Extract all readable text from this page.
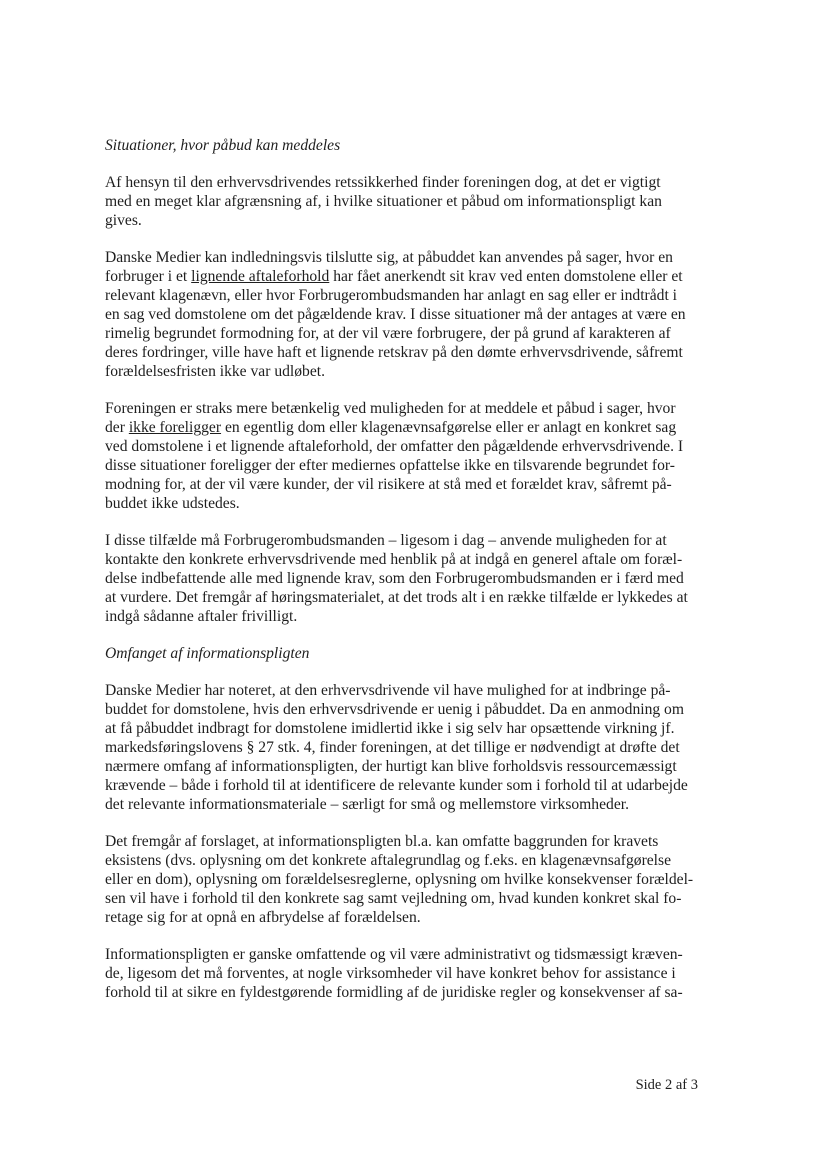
Situationer, hvor påbud kan meddeles
Af hensyn til den erhvervsdrivendes retssikkerhed finder foreningen dog, at det er vigtigt
med en meget klar afgrænsning af, i hvilke situationer et påbud om informationspligt kan
gives.
Danske Medier kan indledningsvis tilslutte sig, at påbuddet kan anvendes på sager, hvor en
forbruger i et lignende aftaleforhold har fået anerkendt sit krav ved enten domstolene eller et
relevant klagenævn, eller hvor Forbrugerombudsmanden har anlagt en sag eller er indtrådt i
en sag ved domstolene om det pågældende krav. I disse situationer må der antages at være en
rimelig begrundet formodning for, at der vil være forbrugere, der på grund af karakteren af
deres fordringer, ville have haft et lignende retskrav på den dømte erhvervsdrivende, såfremt
forældelsesfristen ikke var udløbet.
Foreningen er straks mere betænkelig ved muligheden for at meddele et påbud i sager, hvor
der ikke foreligger en egentlig dom eller klagenævnsafgørelse eller er anlagt en konkret sag
ved domstolene i et lignende aftaleforhold, der omfatter den pågældende erhvervsdrivende. I
disse situationer foreligger der efter mediernes opfattelse ikke en tilsvarende begrundet for-
modning for, at der vil være kunder, der vil risikere at stå med et forældet krav, såfremt på-
buddet ikke udstedes.
I disse tilfælde må Forbrugerombudsmanden – ligesom i dag – anvende muligheden for at
kontakte den konkrete erhvervsdrivende med henblik på at indgå en generel aftale om foræl-
delse indbefattende alle med lignende krav, som den Forbrugerombudsmanden er i færd med
at vurdere. Det fremgår af høringsmaterialet, at det trods alt i en række tilfælde er lykkedes at
indgå sådanne aftaler frivilligt.
Omfanget af informationspligten
Danske Medier har noteret, at den erhvervsdrivende vil have mulighed for at indbringe på-
buddet for domstolene, hvis den erhvervsdrivende er uenig i påbuddet. Da en anmodning om
at få påbuddet indbragt for domstolene imidlertid ikke i sig selv har opsættende virkning jf.
markedsføringslovens § 27 stk. 4, finder foreningen, at det tillige er nødvendigt at drøfte det
nærmere omfang af informationspligten, der hurtigt kan blive forholdsvis ressourcemæssigt
krævende – både i forhold til at identificere de relevante kunder som i forhold til at udarbejde
det relevante informationsmateriale – særligt for små og mellemstore virksomheder.
Det fremgår af forslaget, at informationspligten bl.a. kan omfatte baggrunden for kravets
eksistens (dvs. oplysning om det konkrete aftalegrundlag og f.eks. en klagenævnsafgørelse
eller en dom), oplysning om forældelsesreglerne, oplysning om hvilke konsekvenser forældel-
sen vil have i forhold til den konkrete sag samt vejledning om, hvad kunden konkret skal fo-
retage sig for at opnå en afbrydelse af forældelsen.
Informationspligten er ganske omfattende og vil være administrativt og tidsmæssigt kræven-
de, ligesom det må forventes, at nogle virksomheder vil have konkret behov for assistance i
forhold til at sikre en fyldestgørende formidling af de juridiske regler og konsekvenser af sa-
Side 2 af 3
